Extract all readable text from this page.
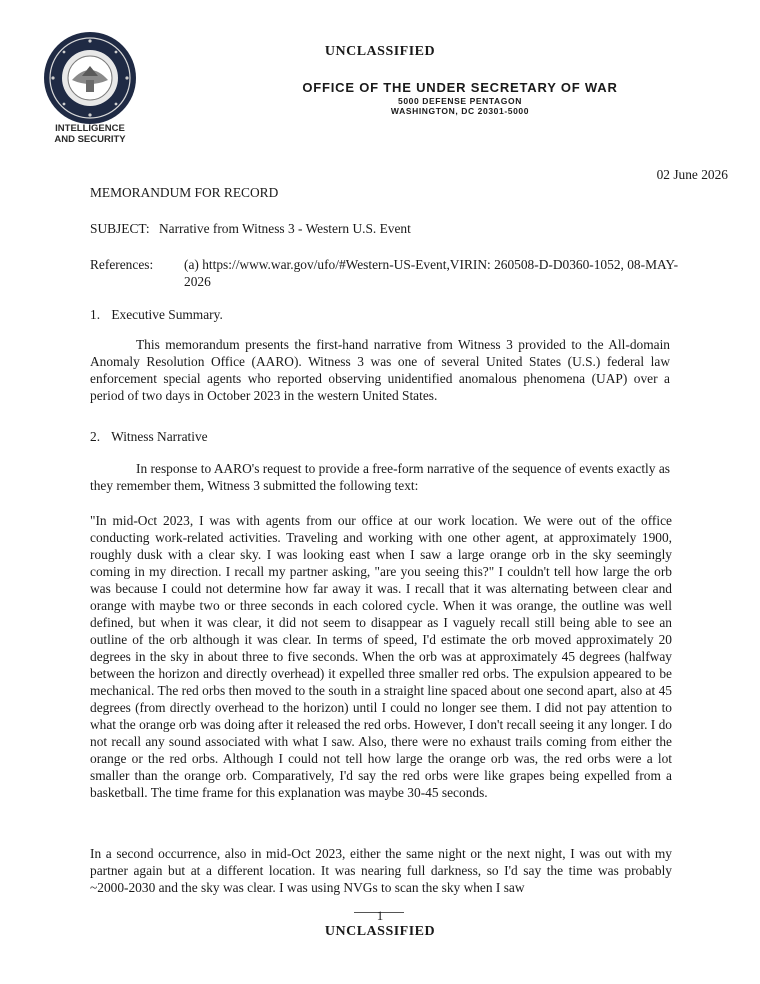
UNCLASSIFIED
INTELLIGENCE
AND SECURITY
OFFICE OF THE UNDER SECRETARY OF WAR
5000 DEFENSE PENTAGON
WASHINGTON, DC 20301-5000
02 June 2026
MEMORANDUM FOR RECORD
SUBJECT: Narrative from Witness 3 - Western U.S. Event
References: (a) https://www.war.gov/ufo/#Western-US-Event,VIRIN: 260508-D-D0360-1052, 08-MAY-2026
1. Executive Summary.
This memorandum presents the first-hand narrative from Witness 3 provided to the All-domain Anomaly Resolution Office (AARO). Witness 3 was one of several United States (U.S.) federal law enforcement special agents who reported observing unidentified anomalous phenomena (UAP) over a period of two days in October 2023 in the western United States.
2. Witness Narrative
In response to AARO's request to provide a free-form narrative of the sequence of events exactly as they remember them, Witness 3 submitted the following text:
"In mid-Oct 2023, I was with agents from our office at our work location. We were out of the office conducting work-related activities. Traveling and working with one other agent, at approximately 1900, roughly dusk with a clear sky. I was looking east when I saw a large orange orb in the sky seemingly coming in my direction. I recall my partner asking, "are you seeing this?" I couldn't tell how large the orb was because I could not determine how far away it was. I recall that it was alternating between clear and orange with maybe two or three seconds in each colored cycle. When it was orange, the outline was well defined, but when it was clear, it did not seem to disappear as I vaguely recall still being able to see an outline of the orb although it was clear. In terms of speed, I'd estimate the orb moved approximately 20 degrees in the sky in about three to five seconds. When the orb was at approximately 45 degrees (halfway between the horizon and directly overhead) it expelled three smaller red orbs. The expulsion appeared to be mechanical. The red orbs then moved to the south in a straight line spaced about one second apart, also at 45 degrees (from directly overhead to the horizon) until I could no longer see them. I did not pay attention to what the orange orb was doing after it released the red orbs. However, I don't recall seeing it any longer. I do not recall any sound associated with what I saw. Also, there were no exhaust trails coming from either the orange or the red orbs. Although I could not tell how large the orange orb was, the red orbs were a lot smaller than the orange orb. Comparatively, I'd say the red orbs were like grapes being expelled from a basketball. The time frame for this explanation was maybe 30-45 seconds.
In a second occurrence, also in mid-Oct 2023, either the same night or the next night, I was out with my partner again but at a different location. It was nearing full darkness, so I'd say the time was probably ~2000-2030 and the sky was clear. I was using NVGs to scan the sky when I saw
1
UNCLASSIFIED
